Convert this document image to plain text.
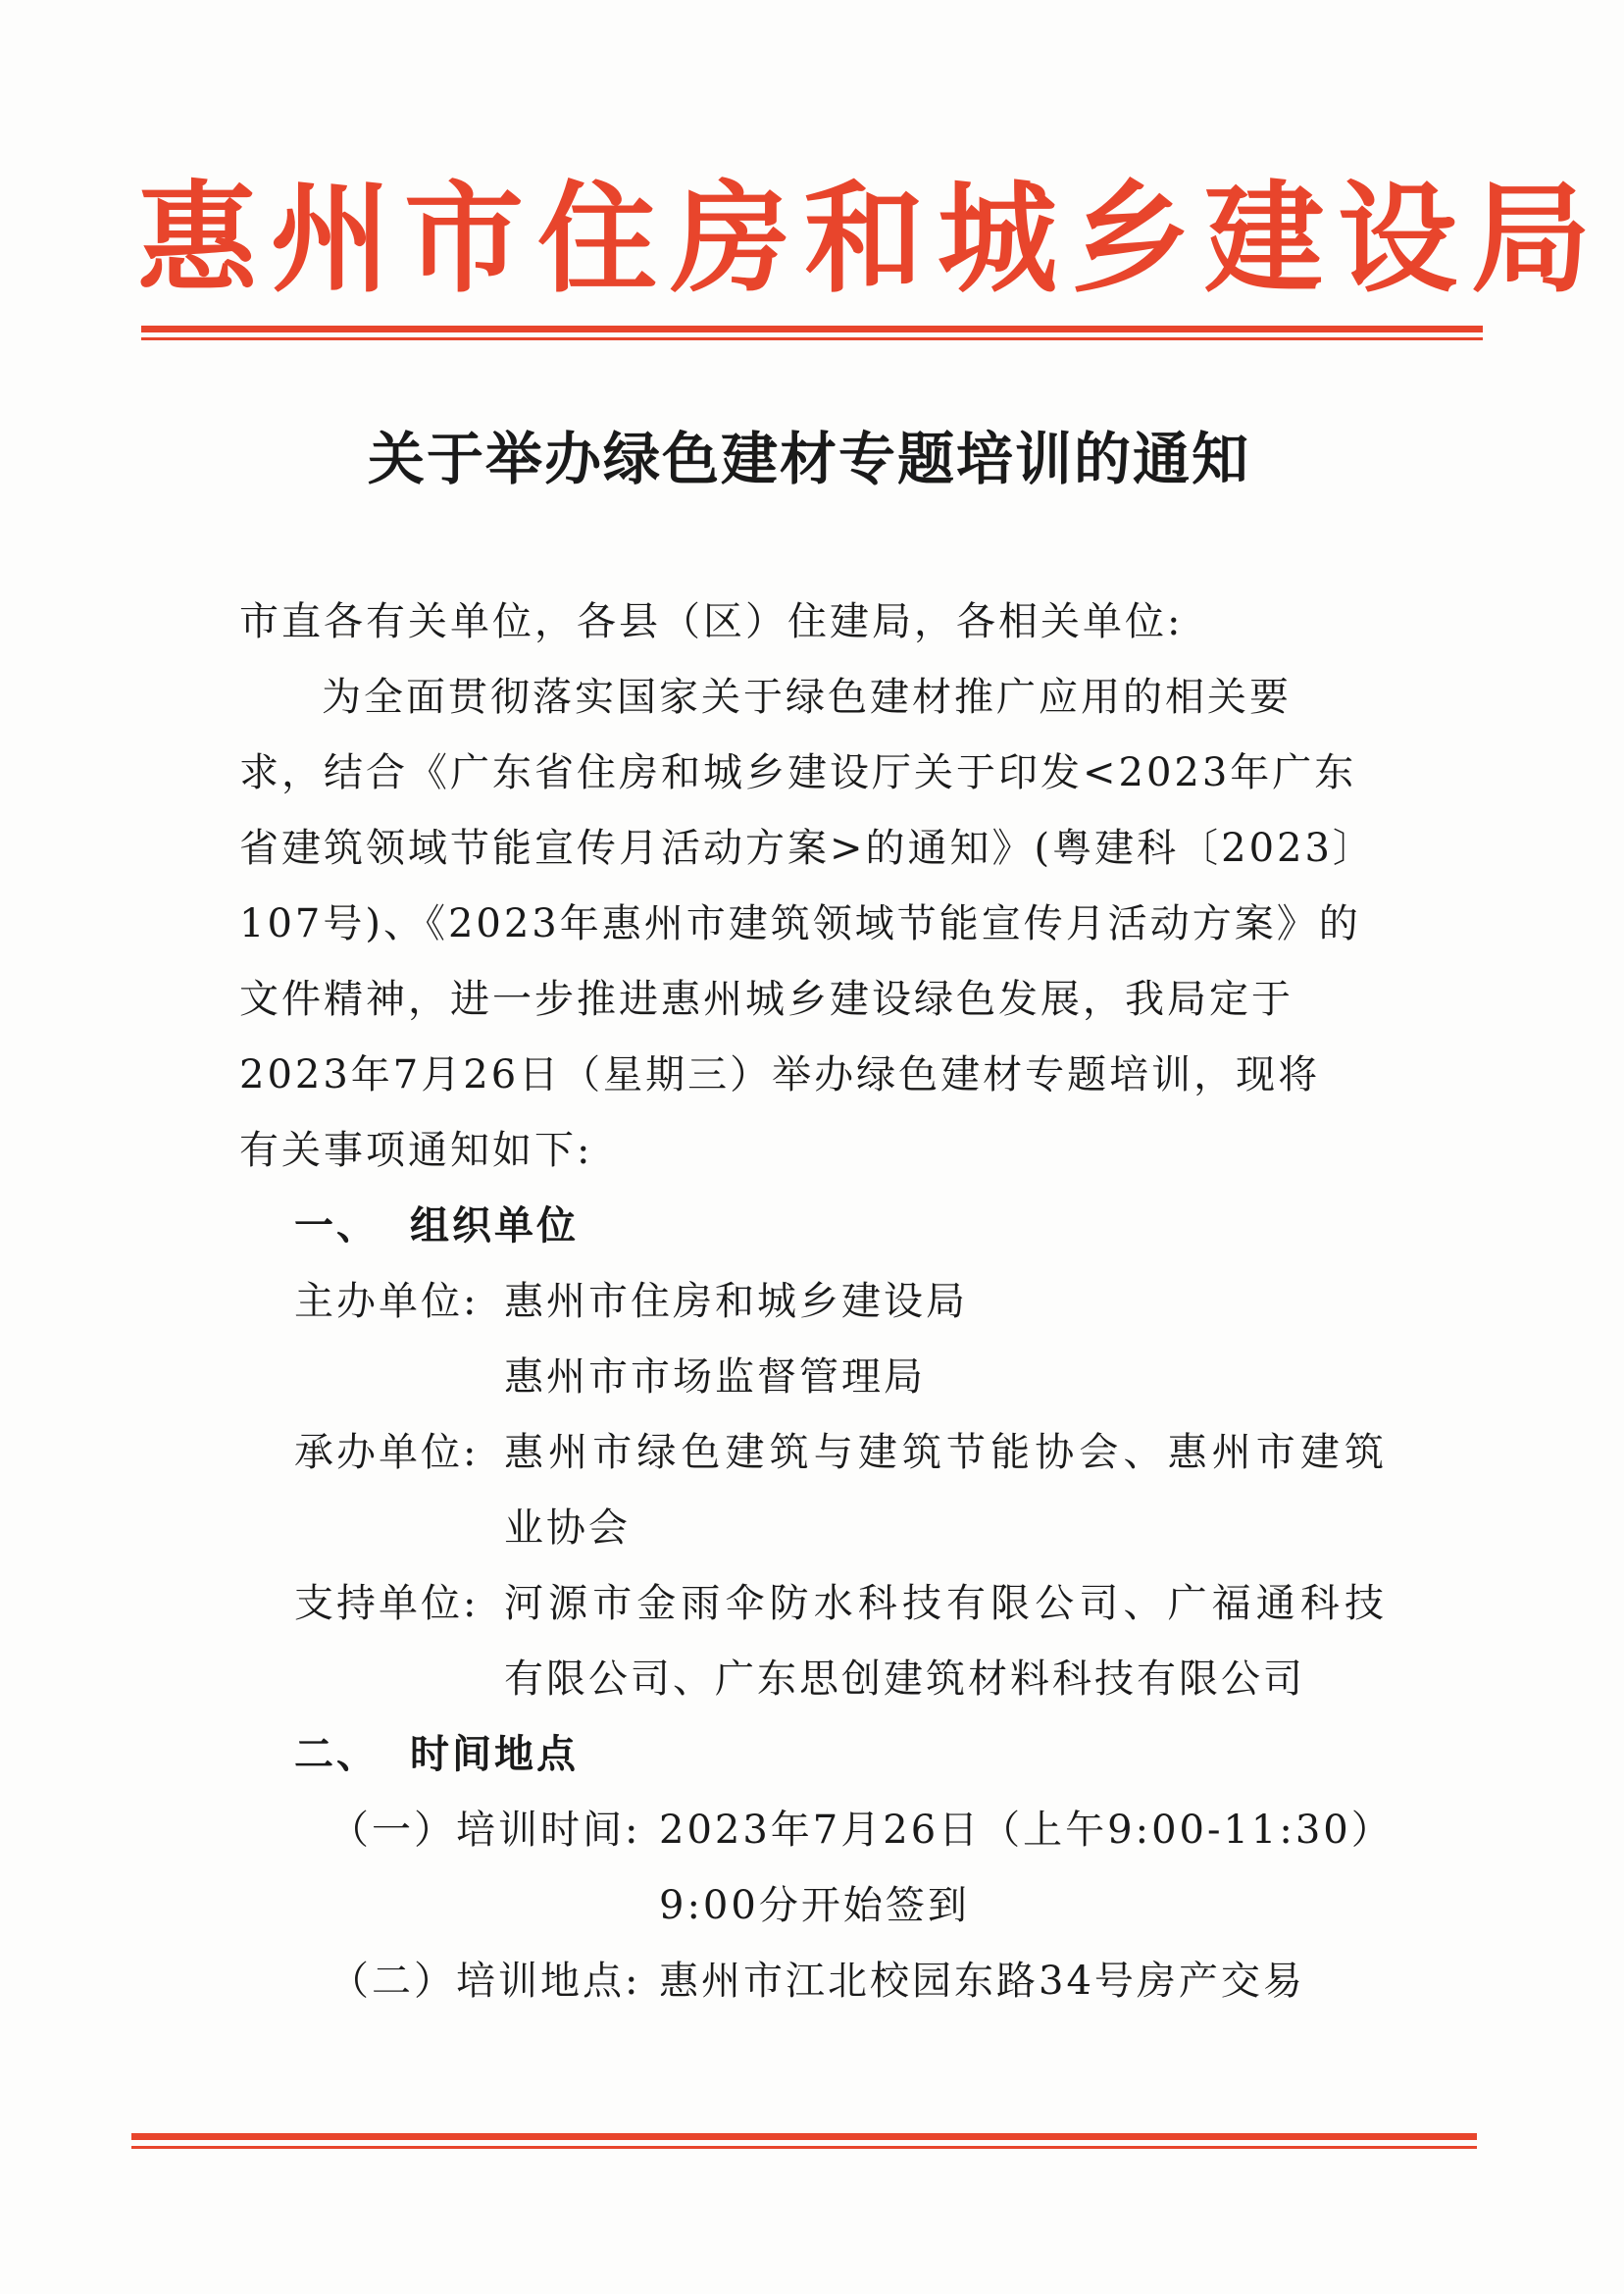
惠州市住房和城乡建设局
关于举办绿色建材专题培训的通知
市直各有关单位，各县（区）住建局，各相关单位:
为全面贯彻落实国家关于绿色建材推广应用的相关要
求，结合《广东省住房和城乡建设厅关于印发<2023年广东
省建筑领域节能宣传月活动方案>的通知》(粤建科〔2023〕
107号)、《2023年惠州市建筑领域节能宣传月活动方案》的
文件精神，进一步推进惠州城乡建设绿色发展，我局定于
2023年7月26日（星期三）举办绿色建材专题培训，现将
有关事项通知如下:
一、 组织单位
主办单位: 惠州市住房和城乡建设局
惠州市市场监督管理局
承办单位: 惠州市绿色建筑与建筑节能协会、惠州市建筑业协会
支持单位: 河源市金雨伞防水科技有限公司、广福通科技有限公司、广东思创建筑材料科技有限公司
二、 时间地点
（一）培训时间: 2023年7月26日（上午9:00-11:30）
9:00分开始签到
（二）培训地点: 惠州市江北校园东路34号房产交易
